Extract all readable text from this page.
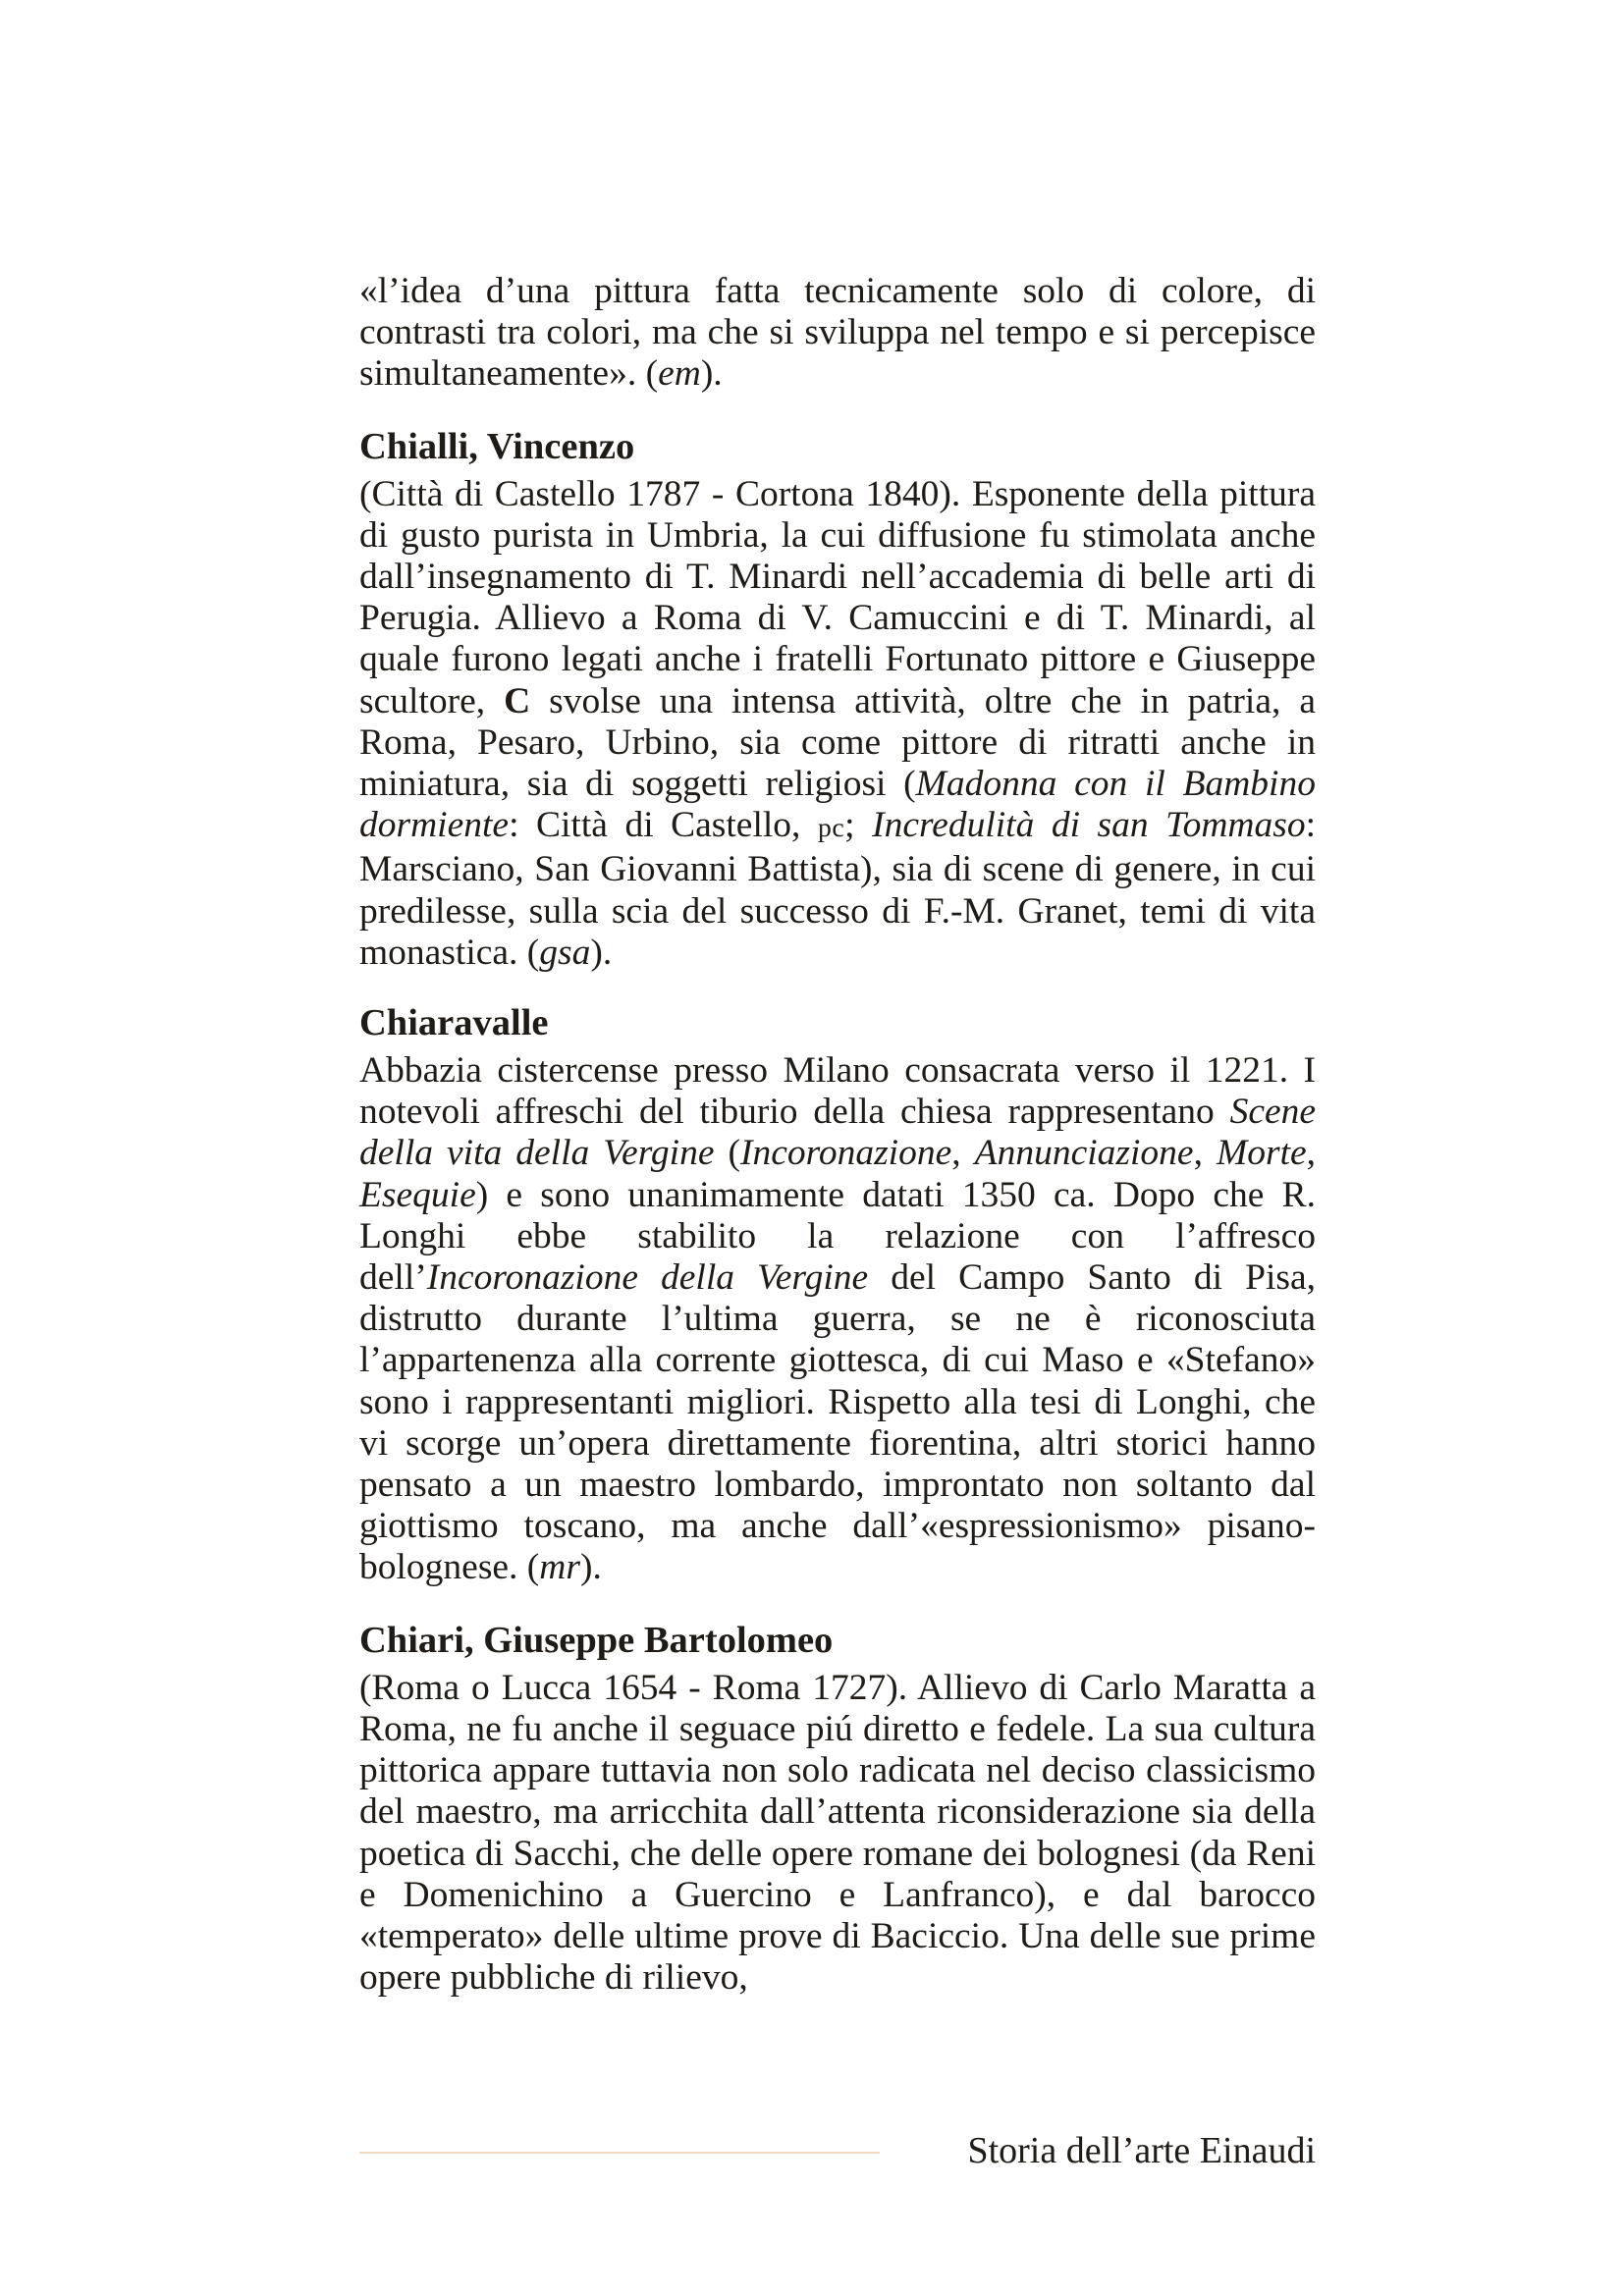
«l’idea d’una pittura fatta tecnicamente solo di colore, di contrasti tra colori, ma che si sviluppa nel tempo e si percepisce simultaneamente». (em).

Chialli, Vincenzo

(Città di Castello 1787 - Cortona 1840). Esponente della pittura di gusto purista in Umbria, la cui diffusione fu stimolata anche dall’insegnamento di T. Minardi nell’accademia di belle arti di Perugia. Allievo a Roma di V. Camuccini e di T. Minardi, al quale furono legati anche i fratelli Fortunato pittore e Giuseppe scultore, C svolse una intensa attività, oltre che in patria, a Roma, Pesaro, Urbino, sia come pittore di ritratti anche in miniatura, sia di soggetti religiosi (Madonna con il Bambino dormiente: Città di Castello, pc; Incredulità di san Tommaso: Marsciano, San Giovanni Battista), sia di scene di genere, in cui predilesse, sulla scia del successo di F.-M. Granet, temi di vita monastica. (gsa).

Chiaravalle

Abbazia cistercense presso Milano consacrata verso il 1221. I notevoli affreschi del tiburio della chiesa rappresentano Scene della vita della Vergine (Incoronazione, Annunciazione, Morte, Esequie) e sono unanimamente datati 1350 ca. Dopo che R. Longhi ebbe stabilito la relazione con l’affresco dell’Incoronazione della Vergine del Campo Santo di Pisa, distrutto durante l’ultima guerra, se ne è riconosciuta l’appartenenza alla corrente giottesca, di cui Maso e «Stefano» sono i rappresentanti migliori. Rispetto alla tesi di Longhi, che vi scorge un’opera direttamente fiorentina, altri storici hanno pensato a un maestro lombardo, improntato non soltanto dal giottismo toscano, ma anche dall’«espressionismo» pisano-bolognese. (mr).

Chiari, Giuseppe Bartolomeo

(Roma o Lucca 1654 - Roma 1727). Allievo di Carlo Maratta a Roma, ne fu anche il seguace piú diretto e fedele. La sua cultura pittorica appare tuttavia non solo radicata nel deciso classicismo del maestro, ma arricchita dall’attenta riconsiderazione sia della poetica di Sacchi, che delle opere romane dei bolognesi (da Reni e Domenichino a Guercino e Lanfranco), e dal barocco «temperato» delle ultime prove di Baciccio. Una delle sue prime opere pubbliche di rilievo,

Storia dell’arte Einaudi
